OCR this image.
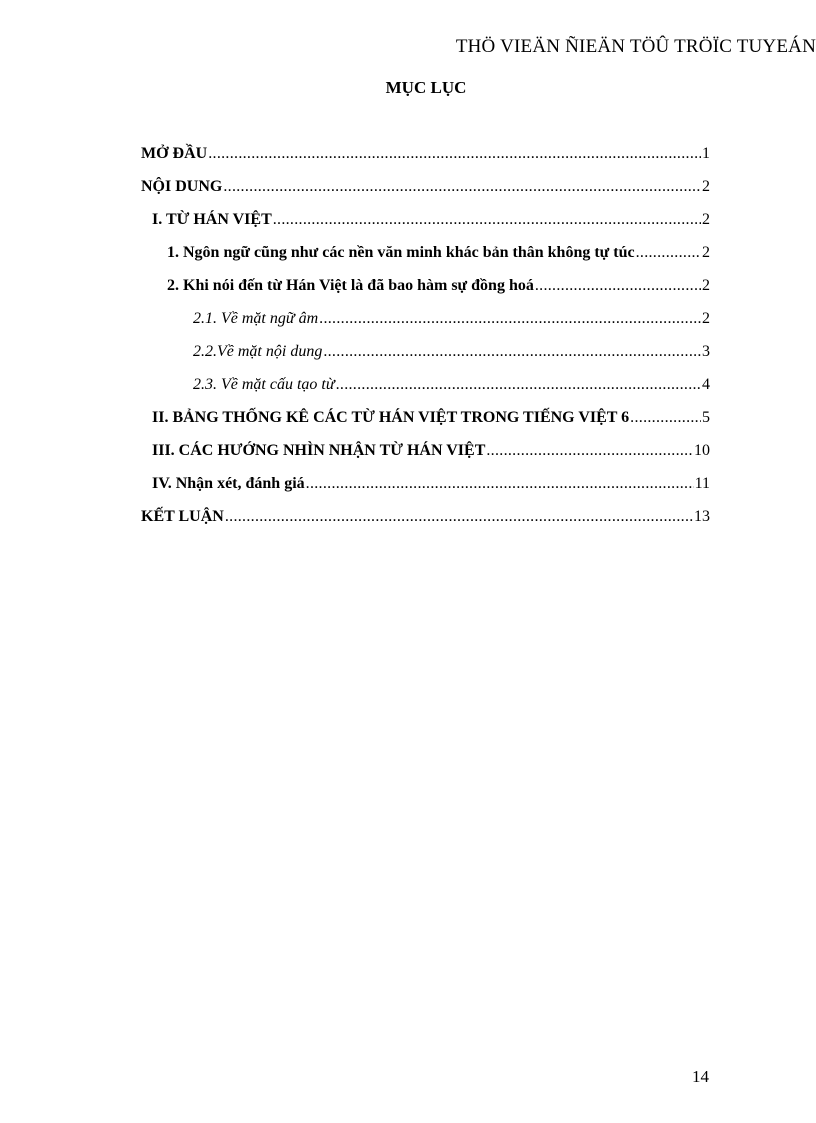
THÖ VIEÄN ÑIEÄN TÖÛ TRÖÏC TUYEÁN
MỤC LỤC
MỞ ĐẦU .....	1
NỘI DUNG .....	2
I. TỪ HÁN VIỆT .....	2
1. Ngôn ngữ cũng như các nền văn minh khác bản thân không tự túc .....	2
2. Khi nói đến từ Hán Việt là đã bao hàm sự đồng hoá .....	2
2.1. Về mặt ngữ âm .....	2
2.2.Về mặt nội dung .....	3
2.3. Về mặt cấu tạo từ .....	4
II. BẢNG THỐNG KÊ CÁC TỪ HÁN VIỆT TRONG TIẾNG VIỆT 6 .....	5
III. CÁC HƯỚNG NHÌN NHẬN TỪ HÁN VIỆT .....	10
IV. Nhận xét, đánh giá .....	11
KẾT LUẬN .....	13
14
